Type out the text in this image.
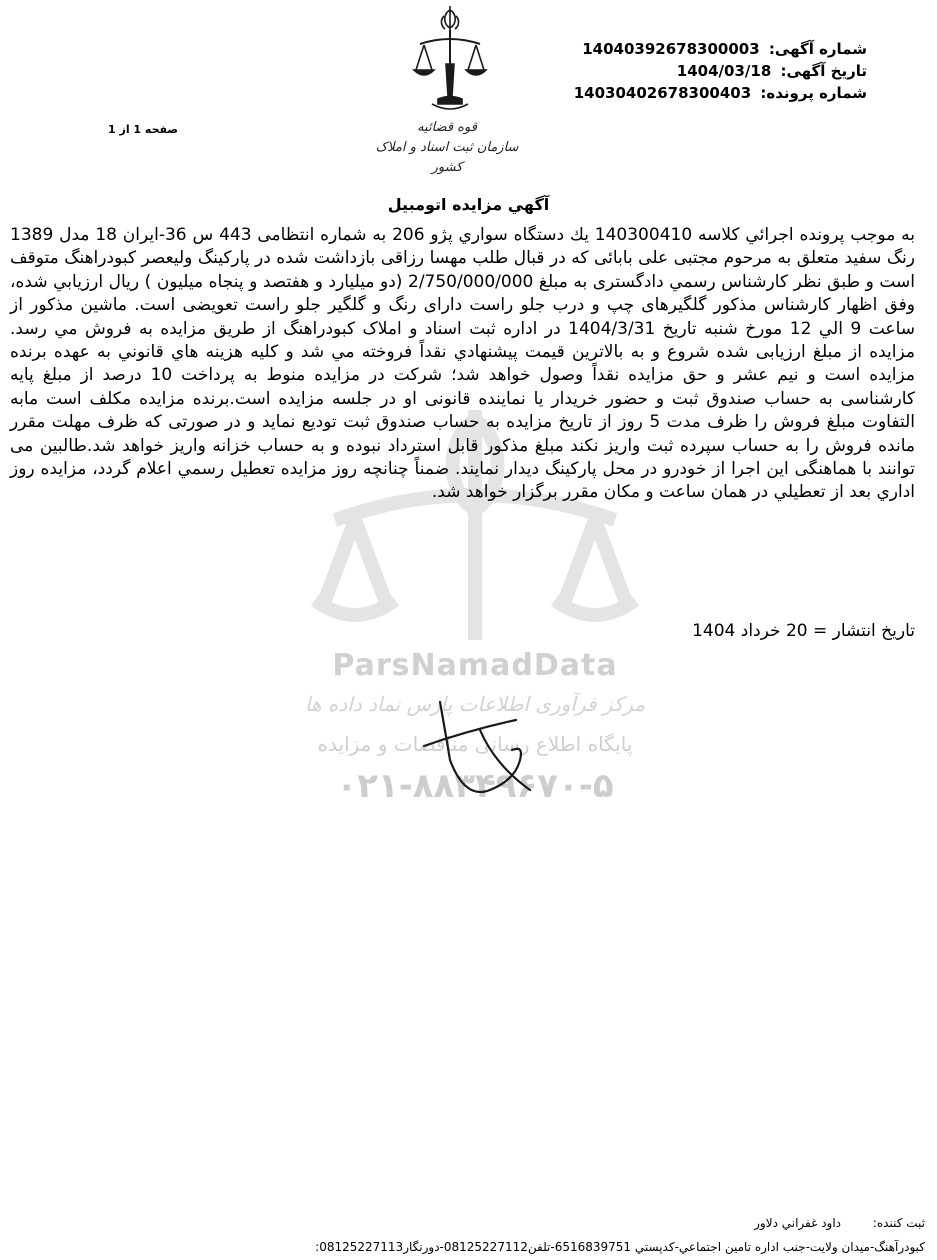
قوه قضائیه
سازمان ثبت اسناد و املاک کشور
شماره آگهی: 14040392678300003
تاریخ آگهی: 1404/03/18
شماره پرونده: 14030402678300403
صفحه 1 از 1
آگهي مزايده اتومبيل
ParsNamadData
مرکز فرآوری اطلاعات پارس نماد داده ها
پایگاه اطلاع رسانی مناقصات و مزایده
۰۲۱-۸۸۳۴۹۶۷۰-۵

به موجب پرونده اجرائي كلاسه 140300410 يك دستگاه سواري پژو 206 به شماره انتظامى 443 س 36-ايران 18 مدل 1389 رنگ سفيد متعلق به مرحوم مجتبی علی بابائی که در قبال طلب مهسا رزاقی بازداشت شده در پاركينگ وليعصر كبودراهنگ متوقف است و طبق نظر كارشناس رسمي دادگستری به مبلغ 2/750/000/000 (دو ميليارد و هفتصد و پنجاه ميليون ) ريال ارزيابي شده، وفق اظهار كارشناس مذكور گلگيرهای چپ و درب جلو راست دارای رنگ و گلگير جلو راست تعويضى است. ماشين مذكور از ساعت 9 الي 12 مورخ شنبه تاريخ 1404/3/31 در اداره ثبت اسناد و املاک كبودراهنگ از طريق مزايده به فروش مي رسد. مزايده از مبلغ ارزيابی شده شروع و به بالاترين قيمت پيشنهادي نقداً فروخته مي شد و كليه هزينه هاي قانوني به عهده برنده مزايده است و نيم عشر و حق مزايده نقداً وصول خواهد شد؛ شركت در مزايده منوط به پرداخت 10 درصد از مبلغ پايه كارشناسی به حساب صندوق ثبت و حضور خريدار يا نماينده قانونی او در جلسه مزايده است.برنده مزايده مكلف است مابه التفاوت مبلغ فروش را ظرف مدت 5 روز از تاريخ مزايده به حساب صندوق ثبت توديع نمايد و در صورتی که ظرف مهلت مقرر مانده فروش را به حساب سپرده ثبت واريز نكند مبلغ مذكور قابل استرداد نبوده و به حساب خزانه واريز خواهد شد.طالبين مى توانند با هماهنگی اين اجرا از خودرو در محل پاركينگ ديدار نمايند. ضمناً چنانچه روز مزايده تعطيل رسمي اعلام گردد، مزايده روز اداري بعد از تعطيلي در همان ساعت و مكان مقرر برگزار خواهد شد.

تاريخ انتشار = 20 خرداد 1404
ثبت كننده: داود غفراني دلاور
كبودرآهنگ-ميدان ولايت-جنب اداره تامين اجتماعي-كدپستي 6516839751-تلفن08125227112-دورنگار08125227113:
